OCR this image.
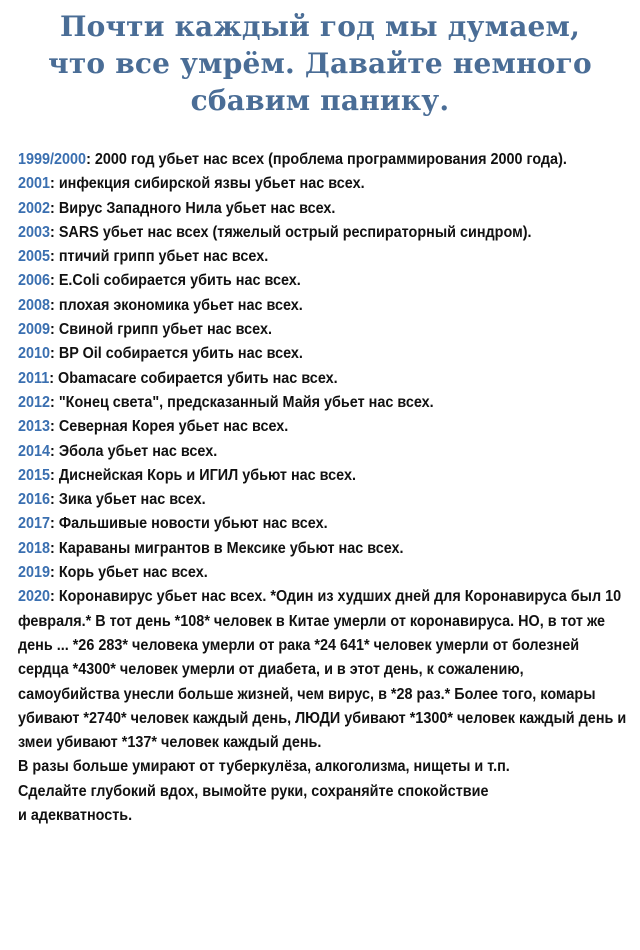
Почти каждый год мы думаем,
что все умрём. Давайте немного
сбавим панику.

1999/2000: 2000 год убьет нас всех (проблема программирования 2000 года).

2001: инфекция сибирской язвы убьет нас всех.

2002: Вирус Западного Нила убьет нас всех.

2003: SARS убьет нас всех (тяжелый острый респираторный синдром).

2005: птичий грипп убьет нас всех.

2006: E.Coli собирается убить нас всех.

2008: плохая экономика убьет нас всех.

2009: Свиной грипп убьет нас всех.

2010: BP Oil собирается убить нас всех.

2011: Obamacare собирается убить нас всех.

2012: "Конец света", предсказанный Майя убьет нас всех.

2013: Северная Корея убьет нас всех.

2014: Эбола убьет нас всех.

2015: Диснейская Корь и ИГИЛ убьют нас всех.

2016: Зика убьет нас всех.

2017: Фальшивые новости убьют нас всех.

2018: Караваны мигрантов в Мексике убьют нас всех.

2019: Корь убьет нас всех.

2020: Коронавирус убьет нас всех. *Один из худших дней для Коронавируса был 10 февраля.* В тот день *108* человек в Китае умерли от коронавируса. НО, в тот же день ... *26 283* человека умерли от рака *24 641* человек умерли от болезней сердца *4300* человек умерли от диабета, и в этот день, к сожалению, самоубийства унесли больше жизней, чем вирус, в *28 раз.* Более того, комары убивают *2740* человек каждый день, ЛЮДИ убивают *1300* человек каждый день и змеи убивают *137* человек каждый день.

В разы больше умирают от туберкулёза, алкоголизма, нищеты и т.п.

Сделайте глубокий вдох, вымойте руки, сохраняйте спокойствие

и адекватность.
